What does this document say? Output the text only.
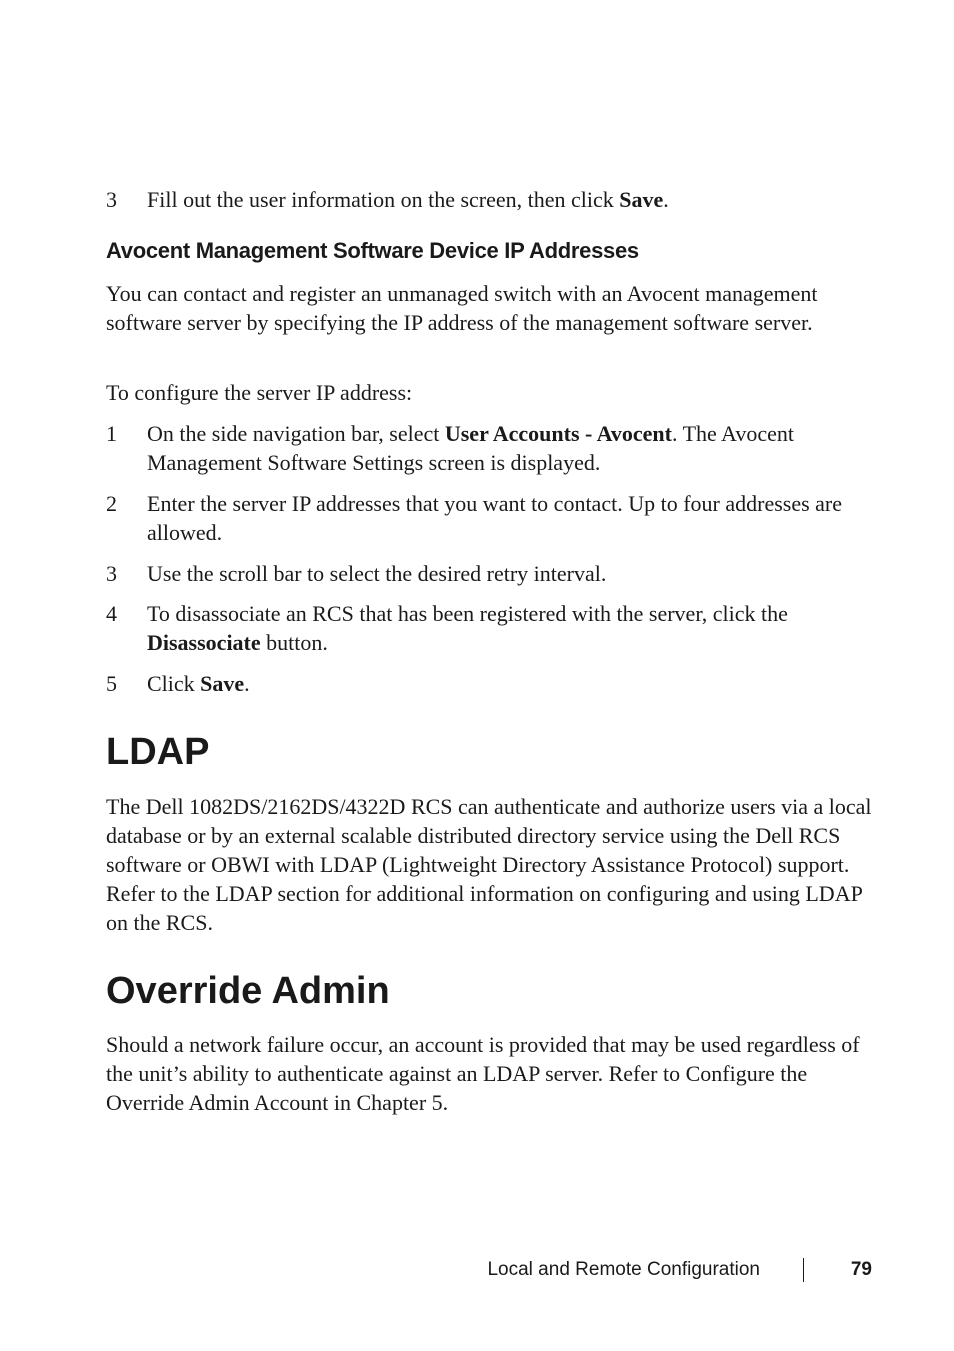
3	Fill out the user information on the screen, then click Save.
Avocent Management Software Device IP Addresses

You can contact and register an unmanaged switch with an Avocent management software server by specifying the IP address of the management software server.

To configure the server IP address:

1	On the side navigation bar, select User Accounts - Avocent. The Avocent Management Software Settings screen is displayed.
2	Enter the server IP addresses that you want to contact. Up to four addresses are allowed.
3	Use the scroll bar to select the desired retry interval.
4	To disassociate an RCS that has been registered with the server, click the Disassociate button.
5	Click Save.
LDAP

The Dell 1082DS/2162DS/4322D RCS can authenticate and authorize users via a local database or by an external scalable distributed directory service using the Dell RCS software or OBWI with LDAP (Lightweight Directory Assistance Protocol) support. Refer to the LDAP section for additional information on configuring and using LDAP on the RCS.

Override Admin

Should a network failure occur, an account is provided that may be used regardless of the unit’s ability to authenticate against an LDAP server. Refer to Configure the Override Admin Account in Chapter 5.

Local and Remote Configuration	79
